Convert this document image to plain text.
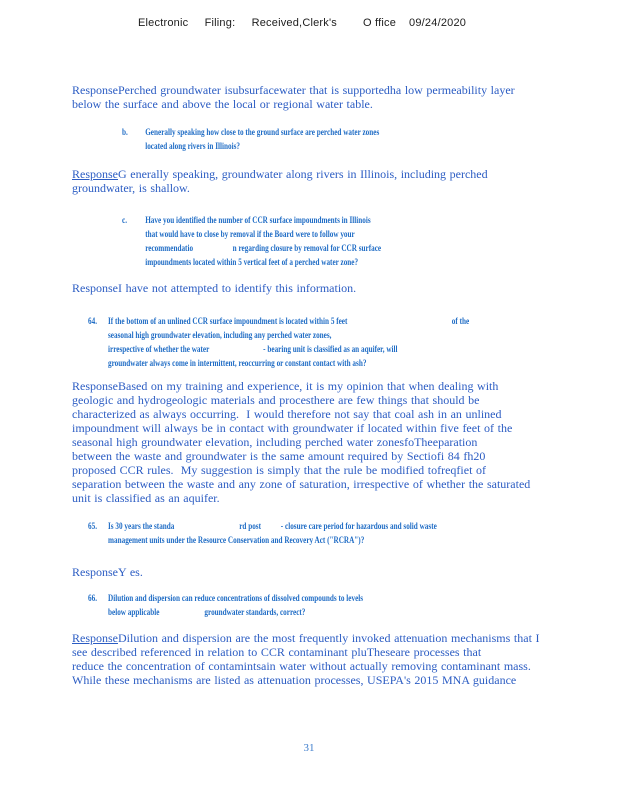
Electronic     Filing:     Received,Clerk's        O ffice    09/24/2020
ResponsePerched groundwater isubsurfacewater that is supportedha low permeability layer
below the surface and above the local or regional water table.
b. Generally speaking how close to the ground surface are perched water zones
located along rivers in Illinois?
ResponseG enerally speaking, groundwater along rivers in Illinois, including perched
groundwater, is shallow.
c. Have you identified the number of CCR surface impoundments in Illinois
that would have to close by removal if the Board were to follow your
recommendatio                      n regarding closure by removal for CCR surface
impoundments located within 5 vertical feet of a perched water zone?
ResponseI have not attempted to identify this information.
64. If the bottom of an unlined CCR surface impoundment is located within 5 feet                                                          of the
seasonal high groundwater elevation, including any perched water zones,
irrespective of whether the water                              - bearing unit is classified as an aquifer, will
groundwater always come in intermittent, reoccurring or constant contact with ash?
ResponseBased on my training and experience, it is my opinion that when dealing with
geologic and hydrogeologic materials and procesthere are few things that should be
characterized as always occurring.  I would therefore not say that coal ash in an unlined
impoundment will always be in contact with groundwater if located within five feet of the
seasonal high groundwater elevation, including perched water zonesfoTheeparation
between the waste and groundwater is the same amount required by Sectiofi 84 fh20
proposed CCR rules.  My suggestion is simply that the rule be modified tofreqfiet of
separation between the waste and any zone of saturation, irrespective of whether the saturated
unit is classified as an aquifer.
65. Is 30 years the standa                                    rd post           - closure care period for hazardous and solid waste
management units under the Resource Conservation and Recovery Act ("RCRA")?
ResponseY es.
66. Dilution and dispersion can reduce concentrations of dissolved compounds to levels
below applicable                         groundwater standards, correct?
ResponseDilution and dispersion are the most frequently invoked attenuation mechanisms that I
see described referenced in relation to CCR contaminant pluTheseare processes that
reduce the concentration of contamintsain water without actually removing contaminant mass.
While these mechanisms are listed as attenuation processes, USEPA's 2015 MNA guidance
31
